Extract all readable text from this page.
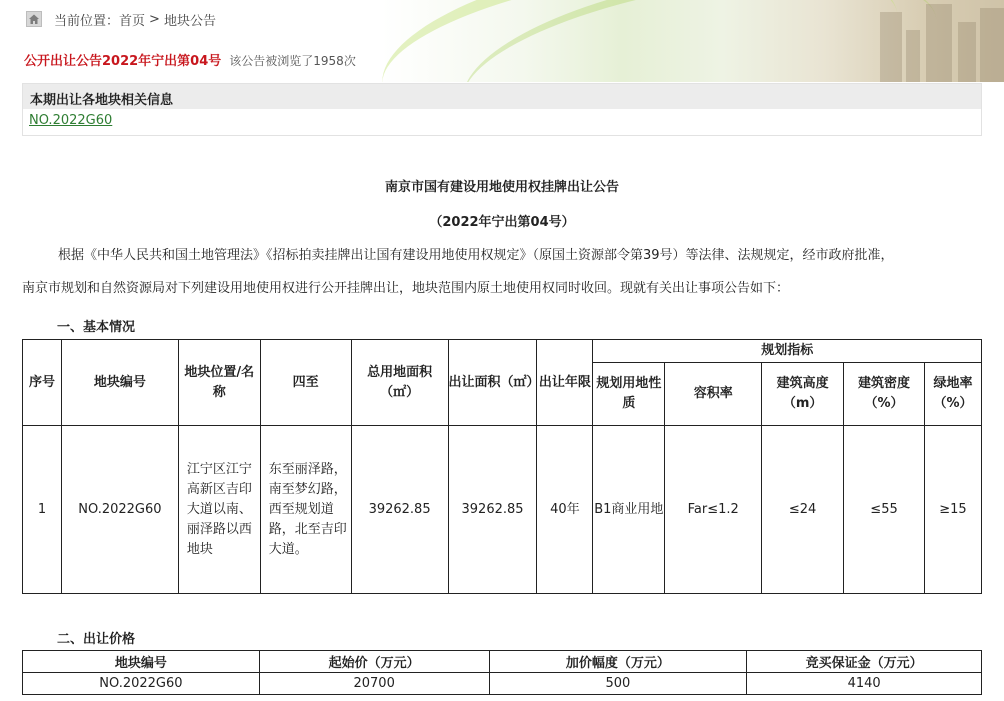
当前位置： 首页 > 地块公告
公开出让公告2022年宁出第04号 该公告被浏览了1958次
本期出让各地块相关信息
NO.2022G60
南京市国有建设用地使用权挂牌出让公告
（2022年宁出第04号）
根据《中华人民共和国土地管理法》《招标拍卖挂牌出让国有建设用地使用权规定》（原国土资源部令第39号）等法律、法规规定，经市政府批准，
南京市规划和自然资源局对下列建设用地使用权进行公开挂牌出让，地块范围内原土地使用权同时收回。现就有关出让事项公告如下：
一、基本情况
序号	地块编号	地块位置/名称	四至	总用地面积（㎡）	出让面积（㎡）	出让年限	规划指标				
							规划用地性质	容积率	建筑高度（m）	建筑密度（%）	绿地率（%）
1	NO.2022G60	江宁区江宁高新区吉印大道以南、丽泽路以西地块	东至丽泽路，南至梦幻路，西至规划道路，北至吉印大道。	39262.85	39262.85	40年	B1商业用地	Far≤1.2	≤24	≤55	≥15
二、出让价格
地块编号	起始价（万元）	加价幅度（万元）	竞买保证金（万元）
NO.2022G60	20700	500	4140
